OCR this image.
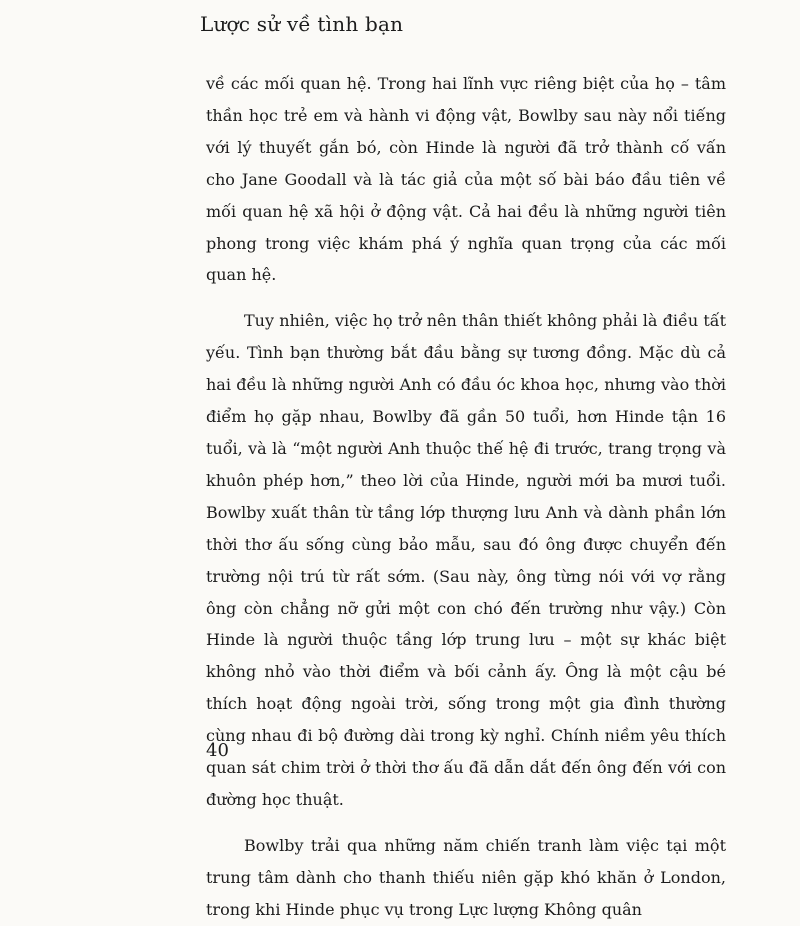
Lược sử về tình bạn

về các mối quan hệ. Trong hai lĩnh vực riêng biệt của họ – tâm thần học trẻ em và hành vi động vật, Bowlby sau này nổi tiếng với lý thuyết gắn bó, còn Hinde là người đã trở thành cố vấn cho Jane Goodall và là tác giả của một số bài báo đầu tiên về mối quan hệ xã hội ở động vật. Cả hai đều là những người tiên phong trong việc khám phá ý nghĩa quan trọng của các mối quan hệ.

Tuy nhiên, việc họ trở nên thân thiết không phải là điều tất yếu. Tình bạn thường bắt đầu bằng sự tương đồng. Mặc dù cả hai đều là những người Anh có đầu óc khoa học, nhưng vào thời điểm họ gặp nhau, Bowlby đã gần 50 tuổi, hơn Hinde tận 16 tuổi, và là “một người Anh thuộc thế hệ đi trước, trang trọng và khuôn phép hơn,” theo lời của Hinde, người mới ba mươi tuổi. Bowlby xuất thân từ tầng lớp thượng lưu Anh và dành phần lớn thời thơ ấu sống cùng bảo mẫu, sau đó ông được chuyển đến trường nội trú từ rất sớm. (Sau này, ông từng nói với vợ rằng ông còn chẳng nỡ gửi một con chó đến trường như vậy.) Còn Hinde là người thuộc tầng lớp trung lưu – một sự khác biệt không nhỏ vào thời điểm và bối cảnh ấy. Ông là một cậu bé thích hoạt động ngoài trời, sống trong một gia đình thường cùng nhau đi bộ đường dài trong kỳ nghỉ. Chính niềm yêu thích quan sát chim trời ở thời thơ ấu đã dẫn dắt đến ông đến với con đường học thuật.

Bowlby trải qua những năm chiến tranh làm việc tại một trung tâm dành cho thanh thiếu niên gặp khó khăn ở London, trong khi Hinde phục vụ trong Lực lượng Không quân

40
